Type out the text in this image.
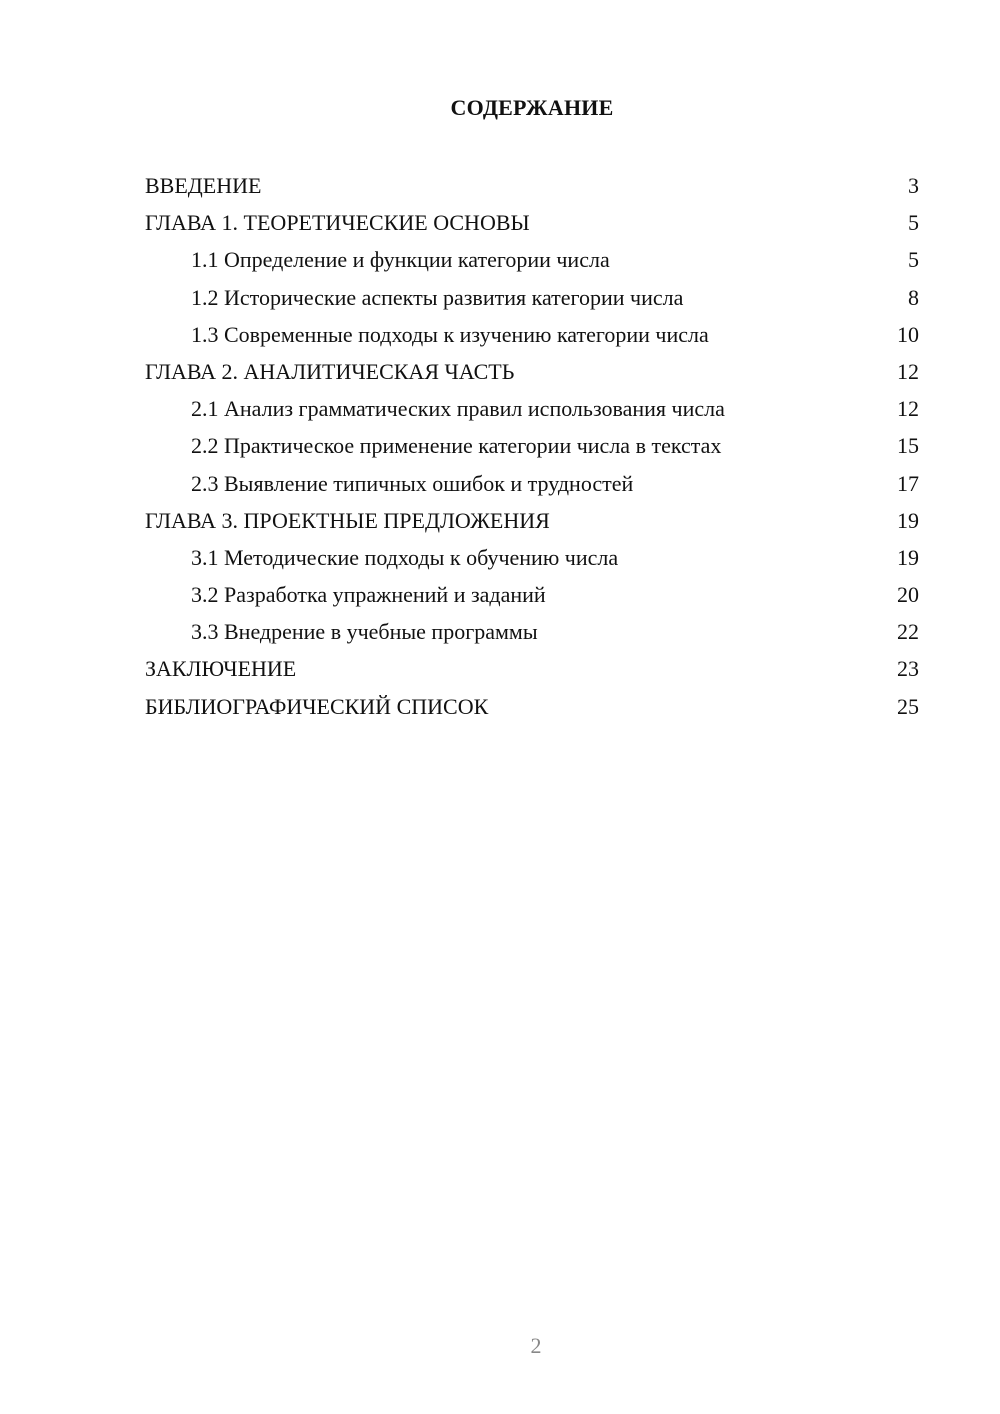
СОДЕРЖАНИЕ
ВВЕДЕНИЕ	3
ГЛАВА 1. ТЕОРЕТИЧЕСКИЕ ОСНОВЫ	5
1.1 Определение и функции категории числа	5
1.2 Исторические аспекты развития категории числа	8
1.3 Современные подходы к изучению категории числа	10
ГЛАВА 2. АНАЛИТИЧЕСКАЯ ЧАСТЬ	12
2.1 Анализ грамматических правил использования числа	12
2.2 Практическое применение категории числа в текстах	15
2.3 Выявление типичных ошибок и трудностей	17
ГЛАВА 3. ПРОЕКТНЫЕ ПРЕДЛОЖЕНИЯ	19
3.1 Методические подходы к обучению числа	19
3.2 Разработка упражнений и заданий	20
3.3 Внедрение в учебные программы	22
ЗАКЛЮЧЕНИЕ	23
БИБЛИОГРАФИЧЕСКИЙ СПИСОК	25
2
